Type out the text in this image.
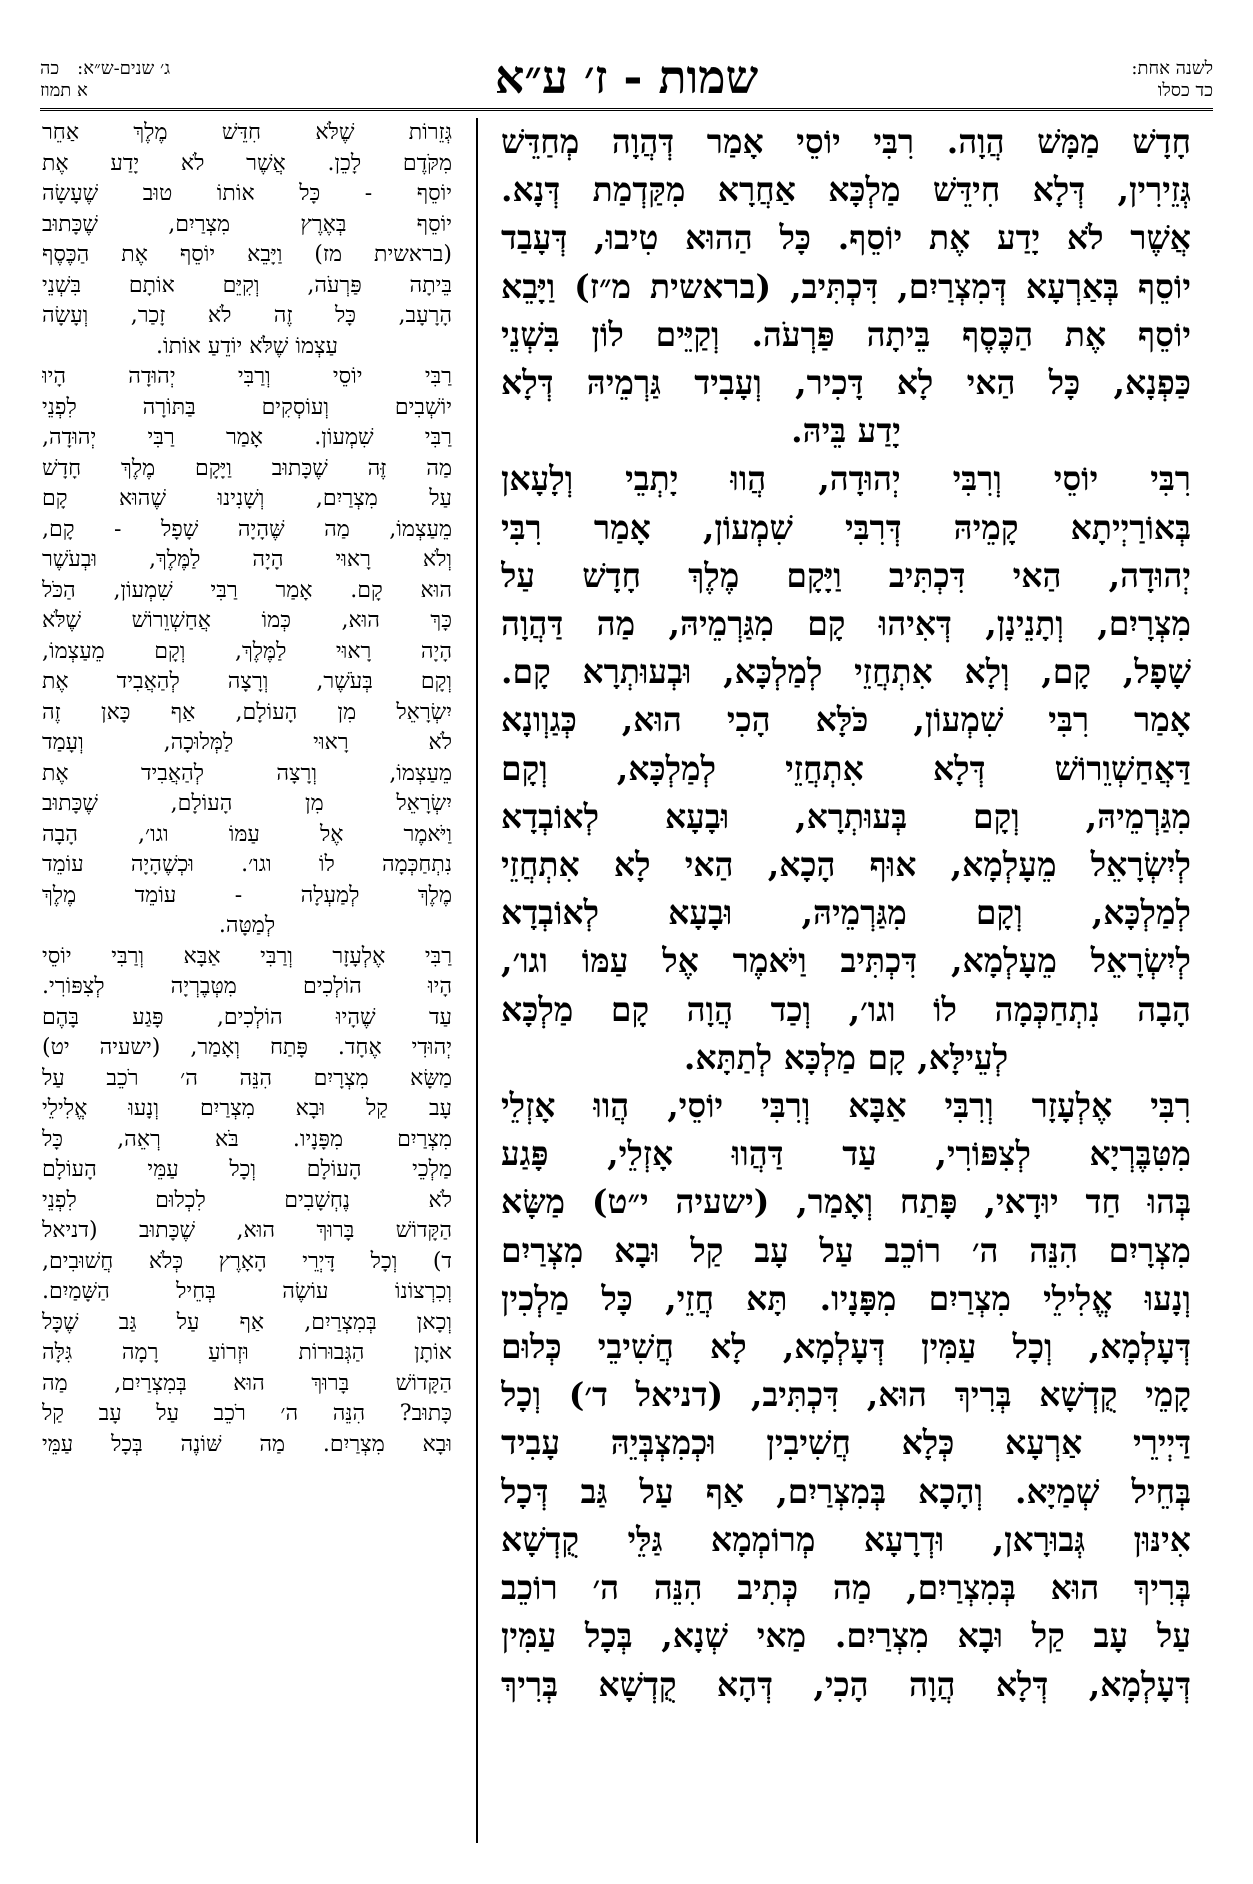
לשנה אחת:
כד כסלו
שמות - ז׳ ע״א
ג׳ שנים-ש״א:
כה
א תמוז
חָדָשׁ מַמָּשׁ הֲוָה. רִבִּי יוֹסֵי אָמַר דְּהֲוָה מְחַדֵּשׁ
גְּזֵירִין, דְּלָא חִידֵּשׁ מַלְכָּא אַחֲרָא מִקַּדְמַת דְּנָא.
אֲשֶׁר לֹא יָדַע אֶת יוֹסֵף. כָּל הַהוּא טִיבוּ, דְּעָבַד
יוֹסֵף בְּאַרְעָא דְּמִצְרַיִם, דִּכְתִּיב, (בראשית מ״ז) וַיָּבֵא
יוֹסֵף אֶת הַכֶּסֶף בֵּיתָה פַּרְעֹה. וְקַיֵּים לוֹן בִּשְׁנֵי
כַּפְנָא, כָּל הַאי לָא דָּכִיר, וְעָבִיד גַּרְמֵיהּ דְּלָא
יָדַע בֵּיהּ.
רִבִּי יוֹסֵי וְרִבִּי יְהוּדָה, הֲווּ יָתְבֵי וְלָעָאן
בְּאוֹרַיְיתָא קָמֵיהּ דְּרִבִּי שִׁמְעוֹן, אָמַר רִבִּי
יְהוּדָה, הַאי דִּכְתִּיב וַיָּקָם מֶלֶךְ חָדָשׁ עַל
מִצְרָיִם, וְתָנֵינָן, דְּאִיהוּ קָם מִגַּרְמֵיהּ, מַה דַּהֲוָה
שָׁפָל, קָם, וְלָא אִתְחֲזֵי לְמַלְכָּא, וּבְעוּתְרָא קָם.
אָמַר רִבִּי שִׁמְעוֹן, כֹּלָּא הָכִי הוּא, כְּגַוְונָא
דַּאֲחַשְׁוֵרוֹשׁ דְּלָא אִתְחֲזֵי לְמַלְכָּא, וְקָם
מִגַּרְמֵיהּ, וְקָם בְּעוּתְרָא, וּבָעָא לְאוֹבְדָא
לְיִשְׂרָאֵל מֵעָלְמָא, אוּף הָכָא, הַאי לָא אִתְחֲזֵי
לְמַלְכָּא, וְקָם מִגַּרְמֵיהּ, וּבָעָא לְאוֹבְדָא
לְיִשְׂרָאֵל מֵעָלְמָא, דִּכְתִּיב וַיֹּאמֶר אֶל עַמּוֹ וגו׳,
הָבָה נִתְחַכְּמָה לוֹ וגו׳, וְכַד הֲוָה קָם מַלְכָּא
לְעֵילָּא, קָם מַלְכָּא לְתַתָּא.
רִבִּי אֶלְעָזָר וְרִבִּי אַבָּא וְרִבִּי יוֹסֵי, הֲווּ אָזְלֵי
מִטִּבֶּרְיָא לְצִפּוֹרִי, עַד דַּהֲווּ אָזְלֵי, פָּגַע
בְּהוּ חַד יוּדָאי, פָּתַח וְאָמַר, (ישעיה י״ט) מַשָּׂא
מִצְרָיִם הִנֵּה ה׳ רוֹכֵב עַל עָב קַל וּבָא מִצְרַיִם
וְנָעוּ אֱלִילֵי מִצְרַיִם מִפָּנָיו. תָּא חֲזֵי, כָּל מַלְכִין
דְּעָלְמָא, וְכָל עַמִּין דְּעָלְמָא, לָא חֲשִׁיבֵי כְּלוּם
קָמֵי קֻדְשָׁא בְּרִיךְ הוּא, דִּכְתִּיב, (דניאל ד׳) וְכָל
דַּיְירֵי אַרְעָא כְּלָא חֲשִׁיבִין וּכְמִצְבְּיֵהּ עָבִיד
בְּחֵיל שְׁמַיָּא. וְהָכָא בְּמִצְרַיִם, אַף עַל גַּב דְּכָל
אִינּוּן גְּבוּרָאן, וּדְרָעָא מְרוֹמְמָא גַּלֵּי קֻדְשָׁא
בְּרִיךְ הוּא בְּמִצְרַיִם, מַה כְּתִיב הִנֵּה ה׳ רוֹכֵב
עַל עָב קַל וּבָא מִצְרַיִם. מַאי שְׁנָא, בְּכָל עַמִּין
דְּעָלְמָא, דְּלָא הֲוָה הָכִי, דְּהָא קֻדְשָׁא בְּרִיךְ
גְּזֵרוֹת שֶׁלֹּא חִדֵּשׁ מֶלֶךְ אַחֵר
מִקֹּדֶם לָכֵן. אֲשֶׁר לֹא יָדַע אֶת
יוֹסֵף - כָּל אוֹתוֹ טוּב שֶׁעָשָׂה
יוֹסֵף בְּאֶרֶץ מִצְרַיִם, שֶׁכָּתוּב
(בראשית מז) וַיָּבֵא יוֹסֵף אֶת הַכֶּסֶף
בֵּיתָה פַּרְעֹה, וְקִיֵּם אוֹתָם בִּשְׁנֵי
הָרָעָב, כָּל זֶה לֹא זָכַר, וְעָשָׂה
עַצְמוֹ שֶׁלֹּא יוֹדֵעַ אוֹתוֹ.
רַבִּי יוֹסֵי וְרַבִּי יְהוּדָה הָיוּ
יוֹשְׁבִים וְעוֹסְקִים בַּתּוֹרָה לִפְנֵי
רַבִּי שִׁמְעוֹן. אָמַר רַבִּי יְהוּדָה,
מַה זֶּה שֶׁכָּתוּב וַיָּקָם מֶלֶךְ חָדָשׁ
עַל מִצְרַיִם, וְשָׁנִינוּ שֶׁהוּא קָם
מֵעַצְמוֹ, מַה שֶּׁהָיָה שָׁפָל - קָם,
וְלֹא רָאוּי הָיָה לַמֶּלֶךְ, וּבְעֹשֶׁר
הוּא קָם. אָמַר רַבִּי שִׁמְעוֹן, הַכֹּל
כָּךְ הוּא, כְּמוֹ אֲחַשְׁוֵרוֹשׁ שֶׁלֹּא
הָיָה רָאוּי לַמֶּלֶךְ, וְקָם מֵעַצְמוֹ,
וְקָם בְּעֹשֶׁר, וְרָצָה לְהַאֲבִיד אֶת
יִשְׂרָאֵל מִן הָעוֹלָם, אַף כָּאן זֶה
לֹא רָאוּי לַמְּלוּכָה, וְעָמַד
מֵעַצְמוֹ, וְרָצָה לְהַאֲבִיד אֶת
יִשְׂרָאֵל מִן הָעוֹלָם, שֶׁכָּתוּב
וַיֹּאמֶר אֶל עַמּוֹ וגו׳, הָבָה
נִתְחַכְּמָה לוֹ וגו׳. וּכְשֶׁהָיָה עוֹמֵד
מֶלֶךְ לְמַעְלָה - עוֹמֵד מֶלֶךְ
לְמַטָּה.
רַבִּי אֶלְעָזָר וְרַבִּי אַבָּא וְרַבִּי יוֹסֵי
הָיוּ הוֹלְכִים מִטְּבֶרְיָה לְצִפּוֹרִי.
עַד שֶׁהָיוּ הוֹלְכִים, פָּגַע בָּהֶם
יְהוּדִי אֶחָד. פָּתַח וְאָמַר, (ישעיה יט)
מַשָּׂא מִצְרָיִם הִנֵּה ה׳ רֹכֵב עַל
עָב קַל וּבָא מִצְרַיִם וְנָעוּ אֱלִילֵי
מִצְרַיִם מִפָּנָיו. בֹּא רְאֵה, כָּל
מַלְכֵי הָעוֹלָם וְכָל עַמֵּי הָעוֹלָם
לֹא נֶחְשָׁבִים לִכְלוּם לִפְנֵי
הַקָּדוֹשׁ בָּרוּךְ הוּא, שֶׁכָּתוּב (דניאל
ד) וְכָל דָּיְרֵי הָאָרֶץ כְּלֹא חֲשׁוּבִים,
וְכִרְצוֹנוֹ עוֹשֶׂה בְּחֵיל הַשָּׁמַיִם.
וְכָאן בְּמִצְרַיִם, אַף עַל גַּב שֶׁכָּל
אוֹתָן הַגְּבוּרוֹת וּזְרוֹעַ רָמָה גִּלָּה
הַקָּדוֹשׁ בָּרוּךְ הוּא בְּמִצְרַיִם, מַה
כָּתוּב? הִנֵּה ה׳ רֹכֵב עַל עָב קַל
וּבָא מִצְרַיִם. מַה שּׁוֹנֶה בְּכָל עַמֵּי
